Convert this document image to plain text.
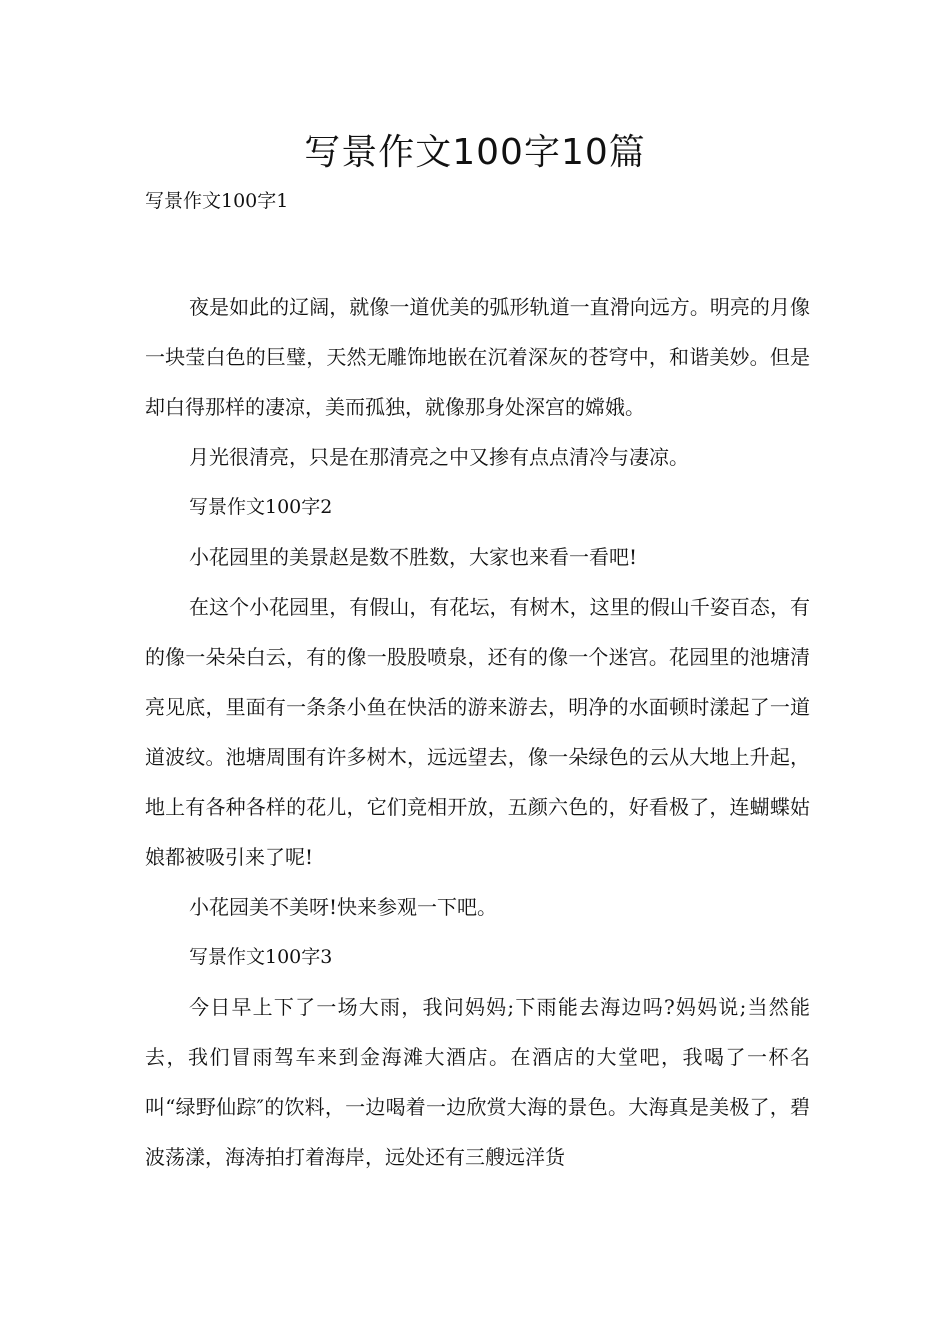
写景作文100字10篇

写景作文100字1

夜是如此的辽阔，就像一道优美的弧形轨道一直滑向远方。明亮的月像一块莹白色的巨璧，天然无雕饰地嵌在沉着深灰的苍穹中，和谐美妙。但是却白得那样的凄凉，美而孤独，就像那身处深宫的嫦娥。

月光很清亮，只是在那清亮之中又掺有点点清冷与凄凉。

写景作文100字2

小花园里的美景赵是数不胜数，大家也来看一看吧!

在这个小花园里，有假山，有花坛，有树木，这里的假山千姿百态，有的像一朵朵白云，有的像一股股喷泉，还有的像一个迷宫。花园里的池塘清亮见底，里面有一条条小鱼在快活的游来游去，明净的水面顿时漾起了一道道波纹。池塘周围有许多树木，远远望去，像一朵绿色的云从大地上升起，地上有各种各样的花儿，它们竞相开放，五颜六色的，好看极了，连蝴蝶姑娘都被吸引来了呢!

小花园美不美呀!快来参观一下吧。

写景作文100字3

今日早上下了一场大雨，我问妈妈;下雨能去海边吗?妈妈说;当然能去，我们冒雨驾车来到金海滩大酒店。在酒店的大堂吧，我喝了一杯名叫“绿野仙踪″的饮料，一边喝着一边欣赏大海的景色。大海真是美极了，碧波荡漾，海涛拍打着海岸，远处还有三艘远洋货
